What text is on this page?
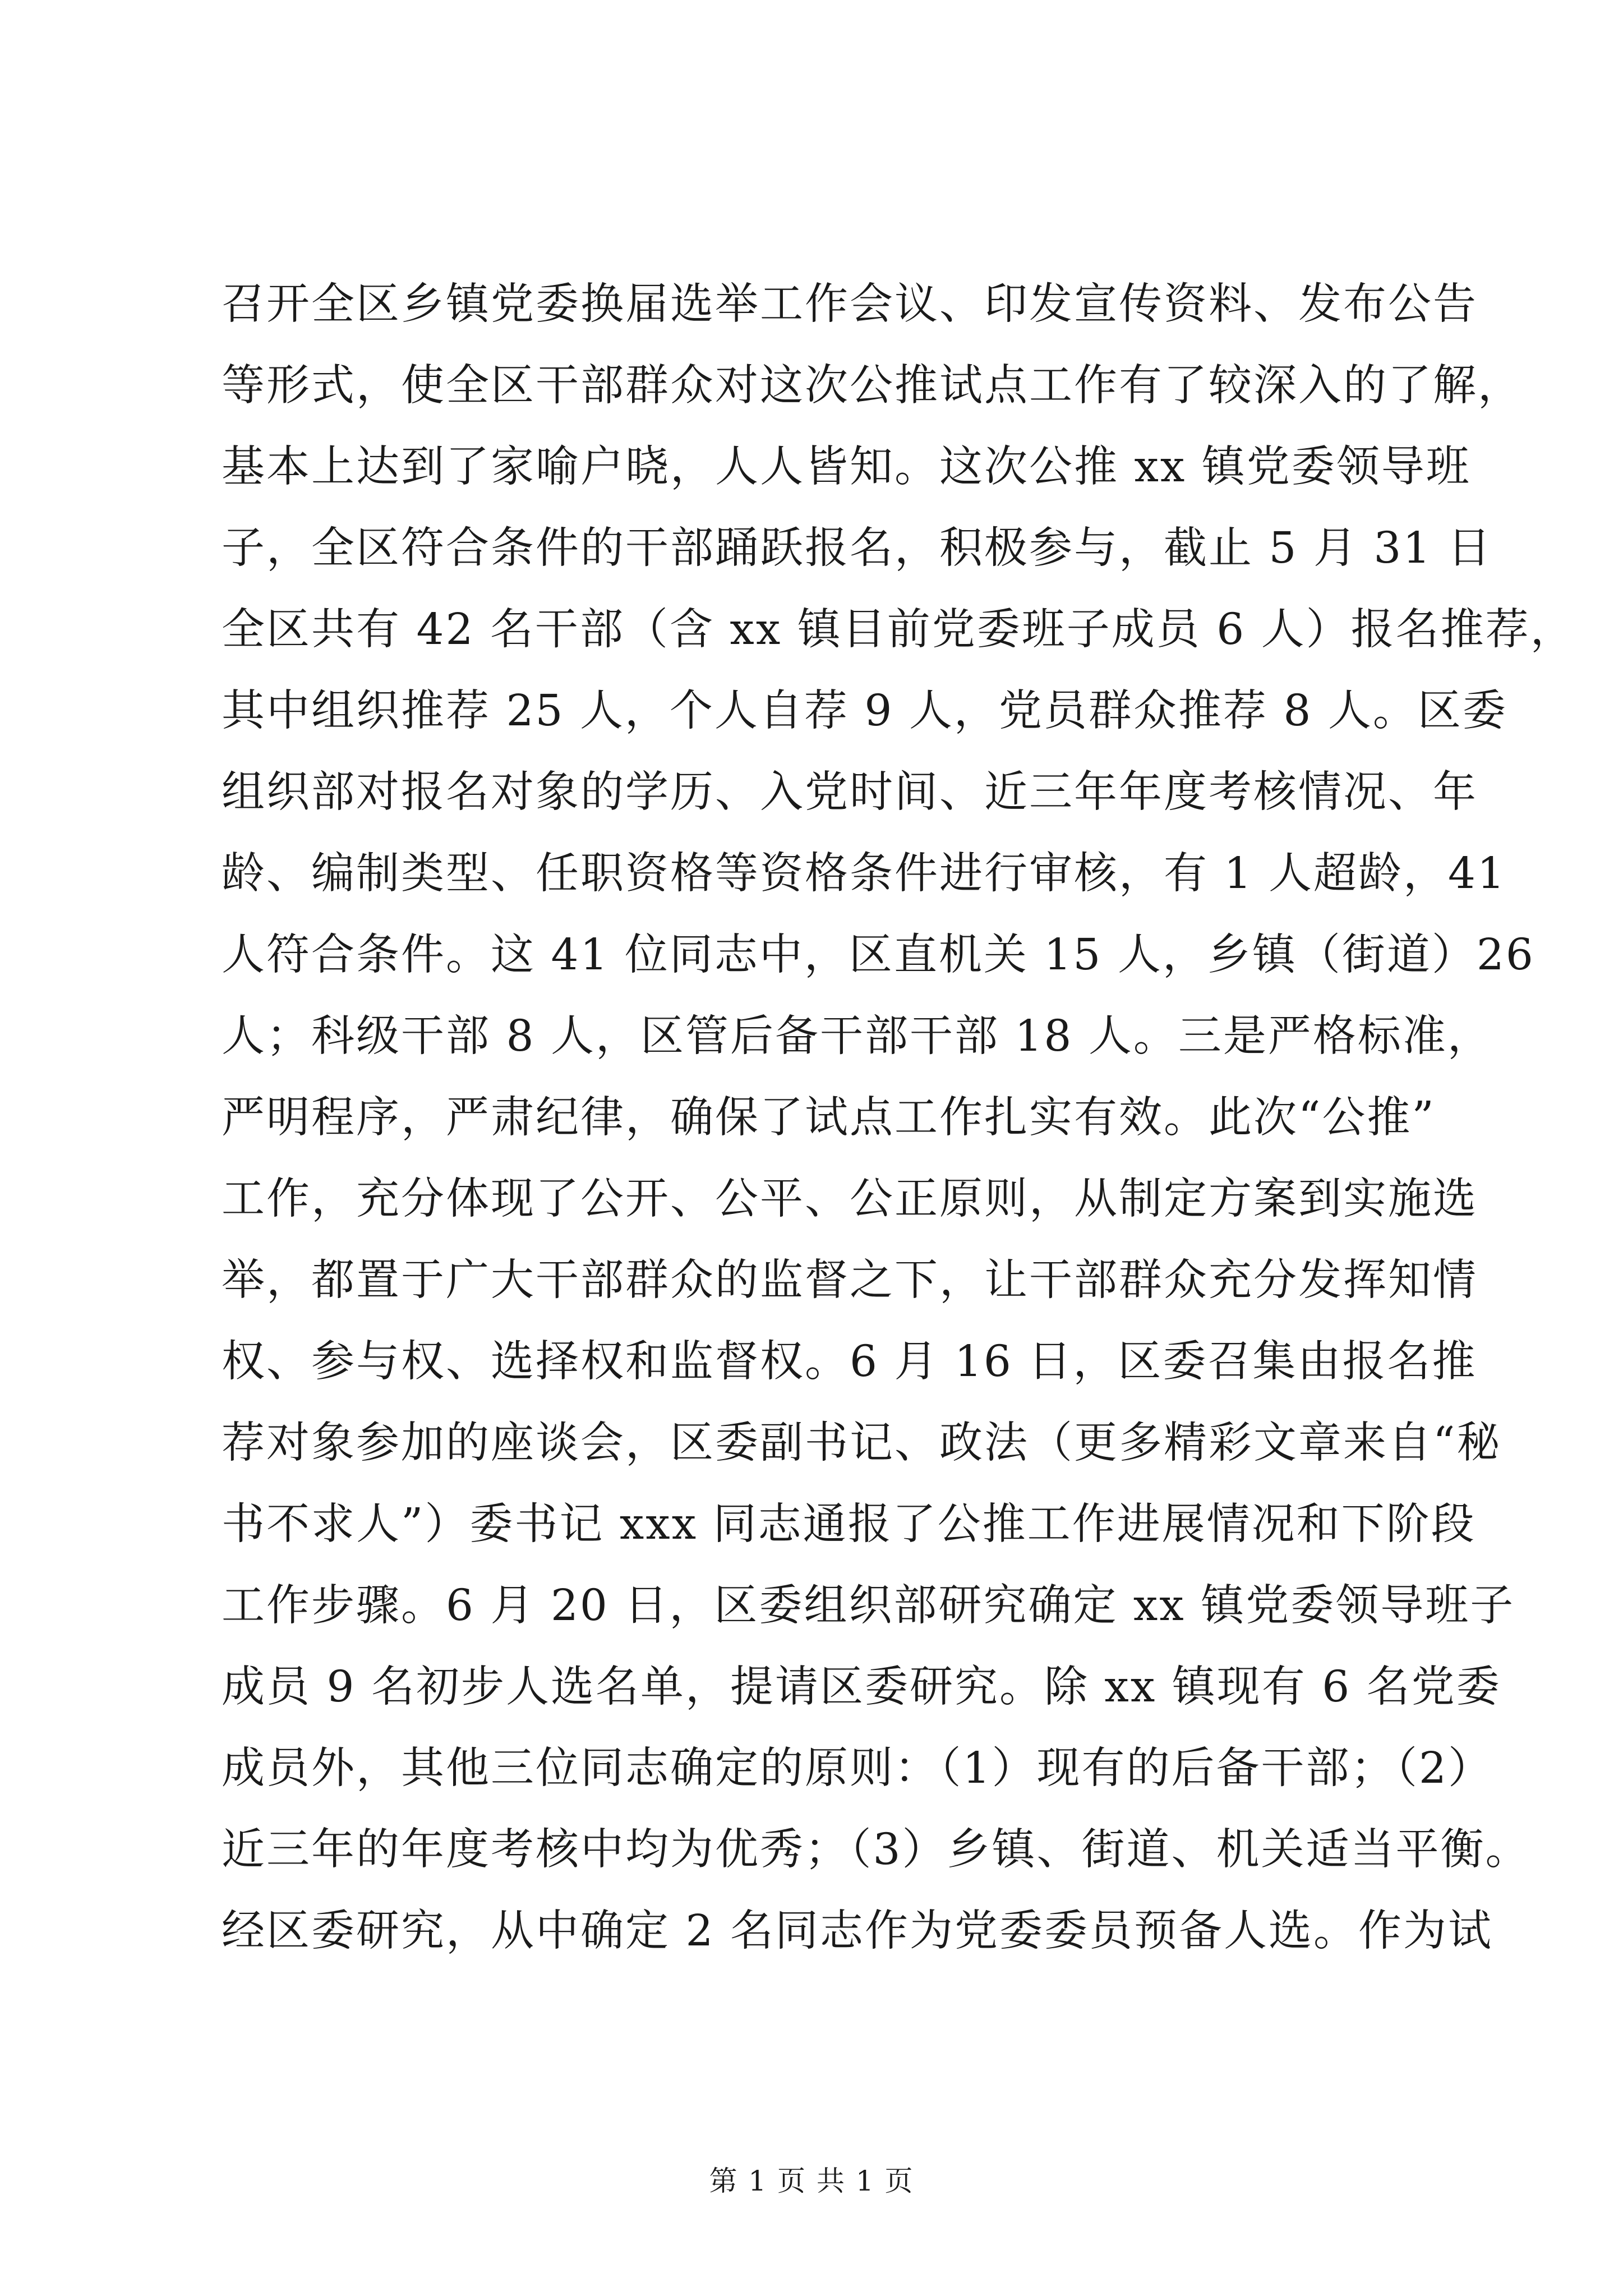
召开全区乡镇党委换届选举工作会议、印发宣传资料、发布公告
等形式，使全区干部群众对这次公推试点工作有了较深入的了解，
基本上达到了家喻户晓，人人皆知。这次公推 xx 镇党委领导班
子，全区符合条件的干部踊跃报名，积极参与，截止 5 月 31 日
全区共有 42 名干部（含 xx 镇目前党委班子成员 6 人）报名推荐，
其中组织推荐 25 人，个人自荐 9 人，党员群众推荐 8 人。区委
组织部对报名对象的学历、入党时间、近三年年度考核情况、年
龄、编制类型、任职资格等资格条件进行审核，有 1 人超龄，41
人符合条件。这 41 位同志中，区直机关 15 人，乡镇（街道）26
人；科级干部 8 人，区管后备干部干部 18 人。三是严格标准，
严明程序，严肃纪律，确保了试点工作扎实有效。此次“公推”
工作，充分体现了公开、公平、公正原则，从制定方案到实施选
举，都置于广大干部群众的监督之下，让干部群众充分发挥知情
权、参与权、选择权和监督权。6 月 16 日，区委召集由报名推
荐对象参加的座谈会，区委副书记、政法（更多精彩文章来自“秘
书不求人”）委书记 xxx 同志通报了公推工作进展情况和下阶段
工作步骤。6 月 20 日，区委组织部研究确定 xx 镇党委领导班子
成员 9 名初步人选名单，提请区委研究。除 xx 镇现有 6 名党委
成员外，其他三位同志确定的原则：（1）现有的后备干部；（2）
近三年的年度考核中均为优秀；（3）乡镇、街道、机关适当平衡。
经区委研究，从中确定 2 名同志作为党委委员预备人选。作为试
第 1 页 共 1 页
